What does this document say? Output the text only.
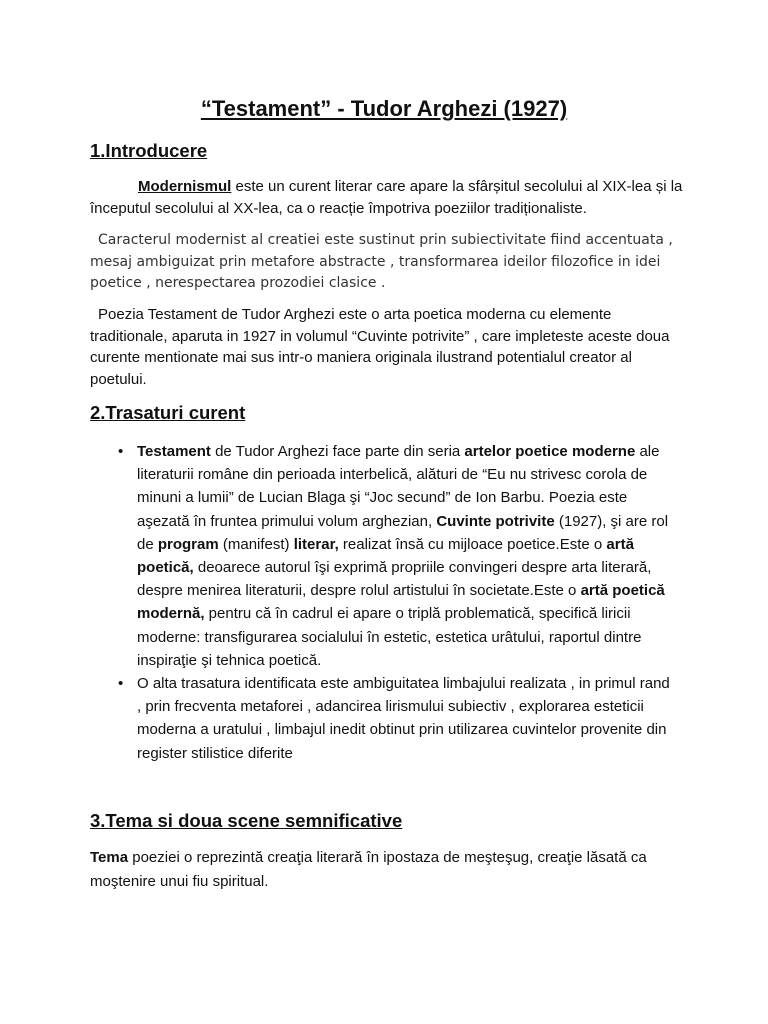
“Testament” - Tudor Arghezi (1927)
1.Introducere

Modernismul este un curent literar care apare la sfârșitul secolului al XIX-lea și la începutul secolului al XX-lea, ca o reacție împotriva poeziilor tradiționaliste.

Caracterul modernist al creatiei este sustinut prin subiectivitate fiind accentuata , mesaj ambiguizat prin metafore abstracte , transformarea ideilor filozofice in idei poetice , nerespectarea prozodiei clasice .

Poezia Testament de Tudor Arghezi este o arta poetica moderna cu elemente traditionale, aparuta in 1927 in volumul “Cuvinte potrivite” , care impleteste aceste doua curente mentionate mai sus intr-o maniera originala ilustrand potentialul creator al poetului.

2.Trasaturi curent
• Testament de Tudor Arghezi face parte din seria artelor poetice moderne ale literaturii române din perioada interbelică, alături de “Eu nu strivesc corola de minuni a lumii” de Lucian Blaga şi “Joc secund” de Ion Barbu. Poezia este aşezată în fruntea primului volum arghezian, Cuvinte potrivite (1927), şi are rol de program (manifest) literar, realizat însă cu mijloace poetice.Este o artă poetică, deoarece autorul îşi exprimă propriile convingeri despre arta literară, despre menirea literaturii, despre rolul artistului în societate.Este o artă poetică modernă, pentru că în cadrul ei apare o triplă problematică, specifică liricii moderne: transfigurarea socialului în estetic, estetica urâtului, raportul dintre inspiraţie şi tehnica poetică.
• O alta trasatura identificata este ambiguitatea limbajului realizata , in primul rand , prin frecventa metaforei , adancirea lirismului subiectiv , explorarea esteticii moderna a uratului , limbajul inedit obtinut prin utilizarea cuvintelor provenite din register stilistice diferite
3.Tema si doua scene semnificative

Tema poeziei o reprezintă creaţia literară în ipostaza de meşteşug, creaţie lăsată ca moştenire unui fiu spiritual.
